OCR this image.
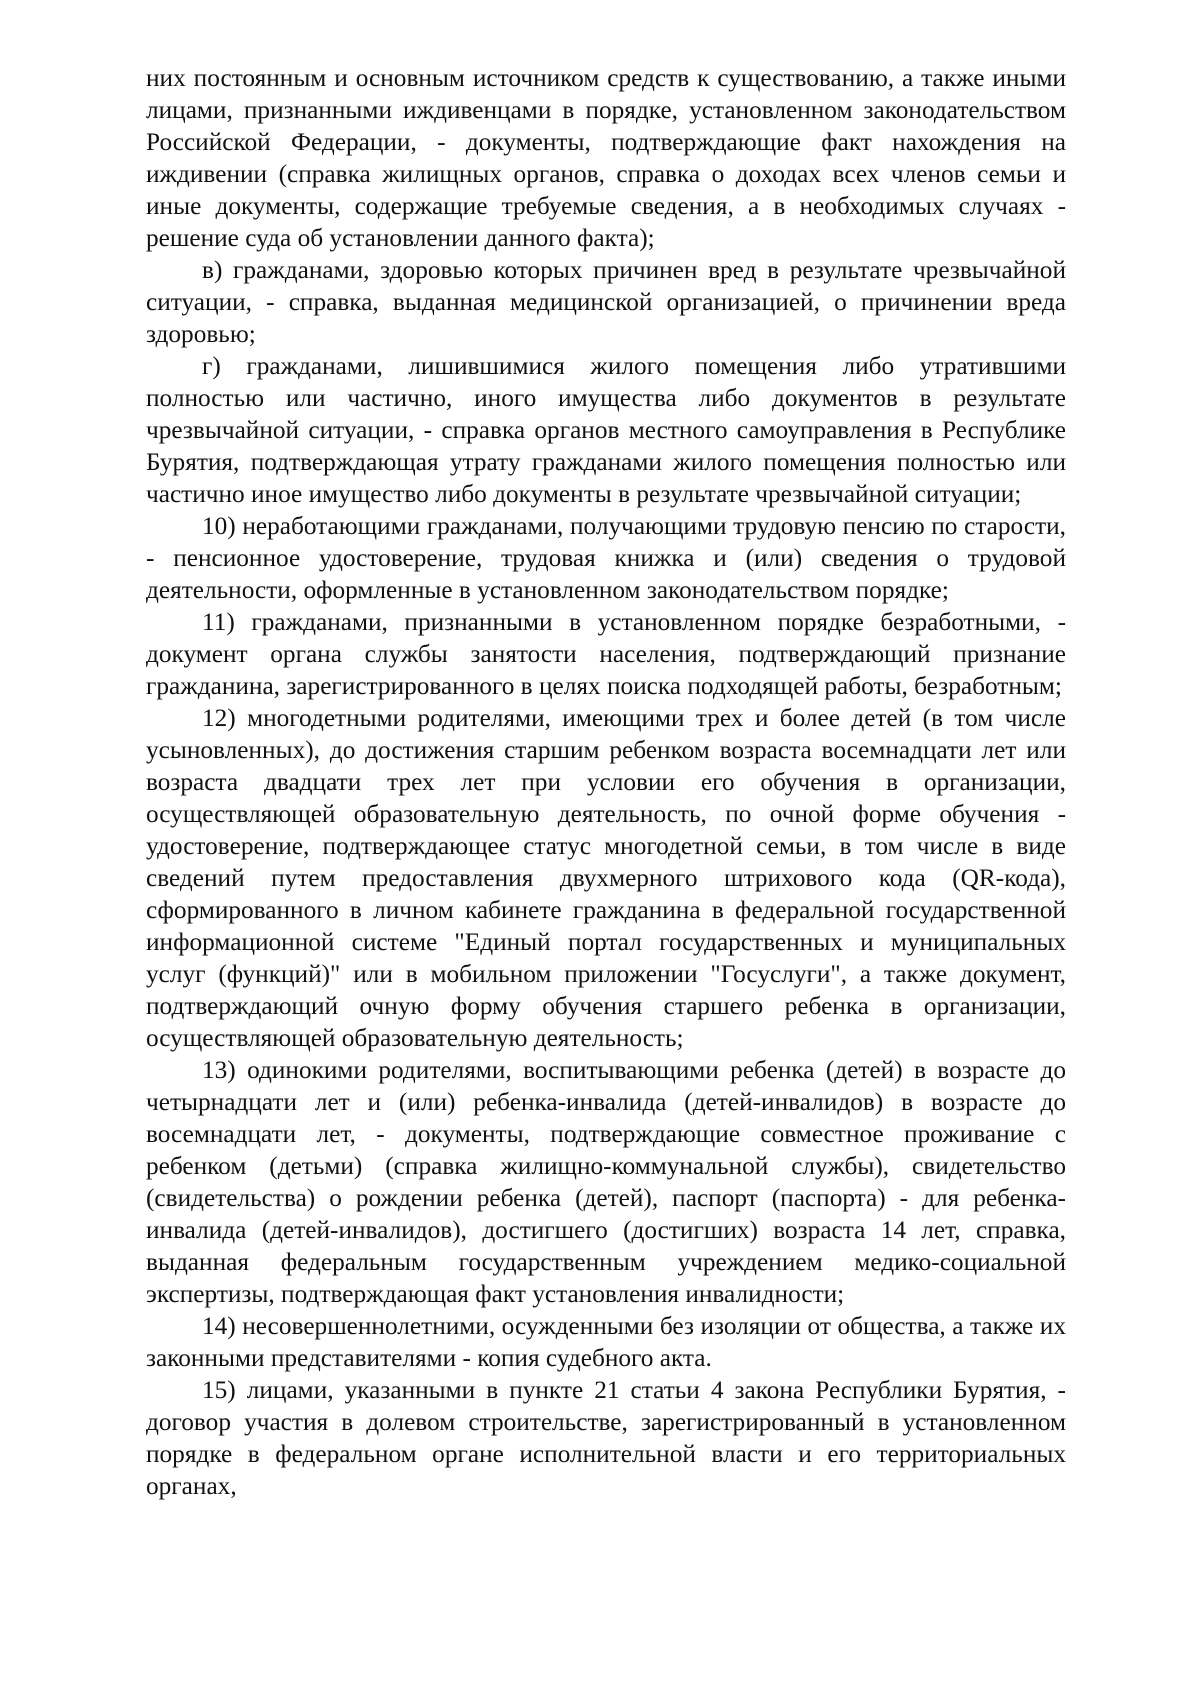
них постоянным и основным источником средств к существованию, а также иными лицами, признанными иждивенцами в порядке, установленном законодательством Российской Федерации, - документы, подтверждающие факт нахождения на иждивении (справка жилищных органов, справка о доходах всех членов семьи и иные документы, содержащие требуемые сведения, а в необходимых случаях - решение суда об установлении данного факта);

в) гражданами, здоровью которых причинен вред в результате чрезвычайной ситуации, - справка, выданная медицинской организацией, о причинении вреда здоровью;

г) гражданами, лишившимися жилого помещения либо утратившими полностью или частично, иного имущества либо документов в результате чрезвычайной ситуации, - справка органов местного самоуправления в Республике Бурятия, подтверждающая утрату гражданами жилого помещения полностью или частично иное имущество либо документы в результате чрезвычайной ситуации;

10) неработающими гражданами, получающими трудовую пенсию по старости, - пенсионное удостоверение, трудовая книжка и (или) сведения о трудовой деятельности, оформленные в установленном законодательством порядке;

11) гражданами, признанными в установленном порядке безработными, - документ органа службы занятости населения, подтверждающий признание гражданина, зарегистрированного в целях поиска подходящей работы, безработным;

12) многодетными родителями, имеющими трех и более детей (в том числе усыновленных), до достижения старшим ребенком возраста восемнадцати лет или возраста двадцати трех лет при условии его обучения в организации, осуществляющей образовательную деятельность, по очной форме обучения - удостоверение, подтверждающее статус многодетной семьи, в том числе в виде сведений путем предоставления двухмерного штрихового кода (QR-кода), сформированного в личном кабинете гражданина в федеральной государственной информационной системе "Единый портал государственных и муниципальных услуг (функций)" или в мобильном приложении "Госуслуги", а также документ, подтверждающий очную форму обучения старшего ребенка в организации, осуществляющей образовательную деятельность;

13) одинокими родителями, воспитывающими ребенка (детей) в возрасте до четырнадцати лет и (или) ребенка-инвалида (детей-инвалидов) в возрасте до восемнадцати лет, - документы, подтверждающие совместное проживание с ребенком (детьми) (справка жилищно-коммунальной службы), свидетельство (свидетельства) о рождении ребенка (детей), паспорт (паспорта) - для ребенка-инвалида (детей-инвалидов), достигшего (достигших) возраста 14 лет, справка, выданная федеральным государственным учреждением медико-социальной экспертизы, подтверждающая факт установления инвалидности;

14) несовершеннолетними, осужденными без изоляции от общества, а также их законными представителями - копия судебного акта.

15) лицами, указанными в пункте 21 статьи 4 закона Республики Бурятия, - договор участия в долевом строительстве, зарегистрированный в установленном порядке в федеральном органе исполнительной власти и его территориальных органах,
